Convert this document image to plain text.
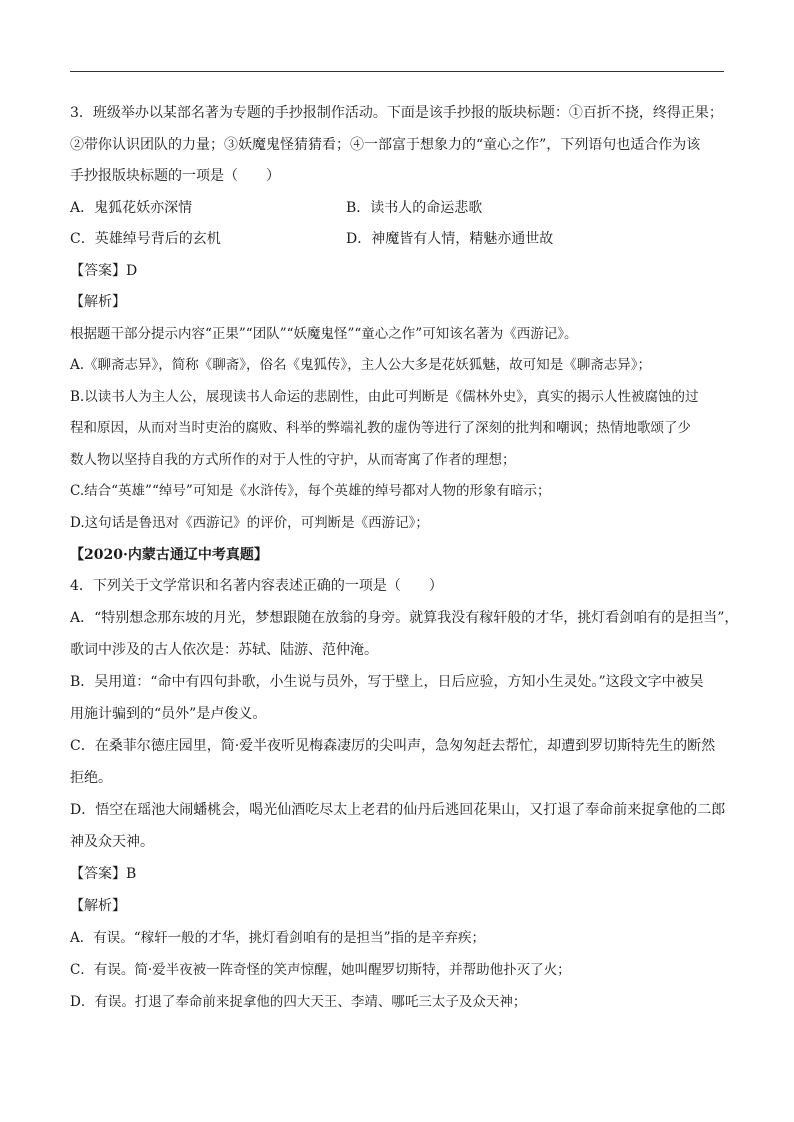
3．班级举办以某部名著为专题的手抄报制作活动。下面是该手抄报的版块标题：①百折不挠，终得正果；
②带你认识团队的力量；③妖魔鬼怪猜猜看；④一部富于想象力的“童心之作”，下列语句也适合作为该
手抄报版块标题的一项是（　　）
A．鬼狐花妖亦深情	B．读书人的命运悲歌
C．英雄绰号背后的玄机	D．神魔皆有人情，精魅亦通世故
【答案】D
【解析】
根据题干部分提示内容“正果”“团队”“妖魔鬼怪”“童心之作”可知该名著为《西游记》。
A.《聊斋志异》，简称《聊斋》，俗名《鬼狐传》，主人公大多是花妖狐魅，故可知是《聊斋志异》；
B.以读书人为主人公，展现读书人命运的悲剧性，由此可判断是《儒林外史》，真实的揭示人性被腐蚀的过
程和原因，从而对当时吏治的腐败、科举的弊端礼教的虚伪等进行了深刻的批判和嘲讽；热情地歌颂了少
数人物以坚持自我的方式所作的对于人性的守护，从而寄寓了作者的理想；
C.结合“英雄”“绰号”可知是《水浒传》，每个英雄的绰号都对人物的形象有暗示；
D.这句话是鲁迅对《西游记》的评价，可判断是《西游记》；
【2020·内蒙古通辽中考真题】
4．下列关于文学常识和名著内容表述正确的一项是（　　）
A．“特别想念那东坡的月光，梦想跟随在放翁的身旁。就算我没有稼轩般的才华，挑灯看剑咱有的是担当”，
歌词中涉及的古人依次是：苏轼、陆游、范仲淹。
B．吴用道：“命中有四句卦歌，小生说与员外，写于壁上，日后应验，方知小生灵处。”这段文字中被吴
用施计骗到的“员外”是卢俊义。
C．在桑菲尔德庄园里，简·爱半夜听见梅森凄厉的尖叫声，急匆匆赶去帮忙，却遭到罗切斯特先生的断然
拒绝。
D．悟空在瑶池大闹蟠桃会，喝光仙酒吃尽太上老君的仙丹后逃回花果山，又打退了奉命前来捉拿他的二郎
神及众天神。
【答案】B
【解析】
A．有误。“稼轩一般的才华，挑灯看剑咱有的是担当”指的是辛弃疾；
C．有误。简·爱半夜被一阵奇怪的笑声惊醒，她叫醒罗切斯特，并帮助他扑灭了火；
D．有误。打退了奉命前来捉拿他的四大天王、李靖、哪吒三太子及众天神；
